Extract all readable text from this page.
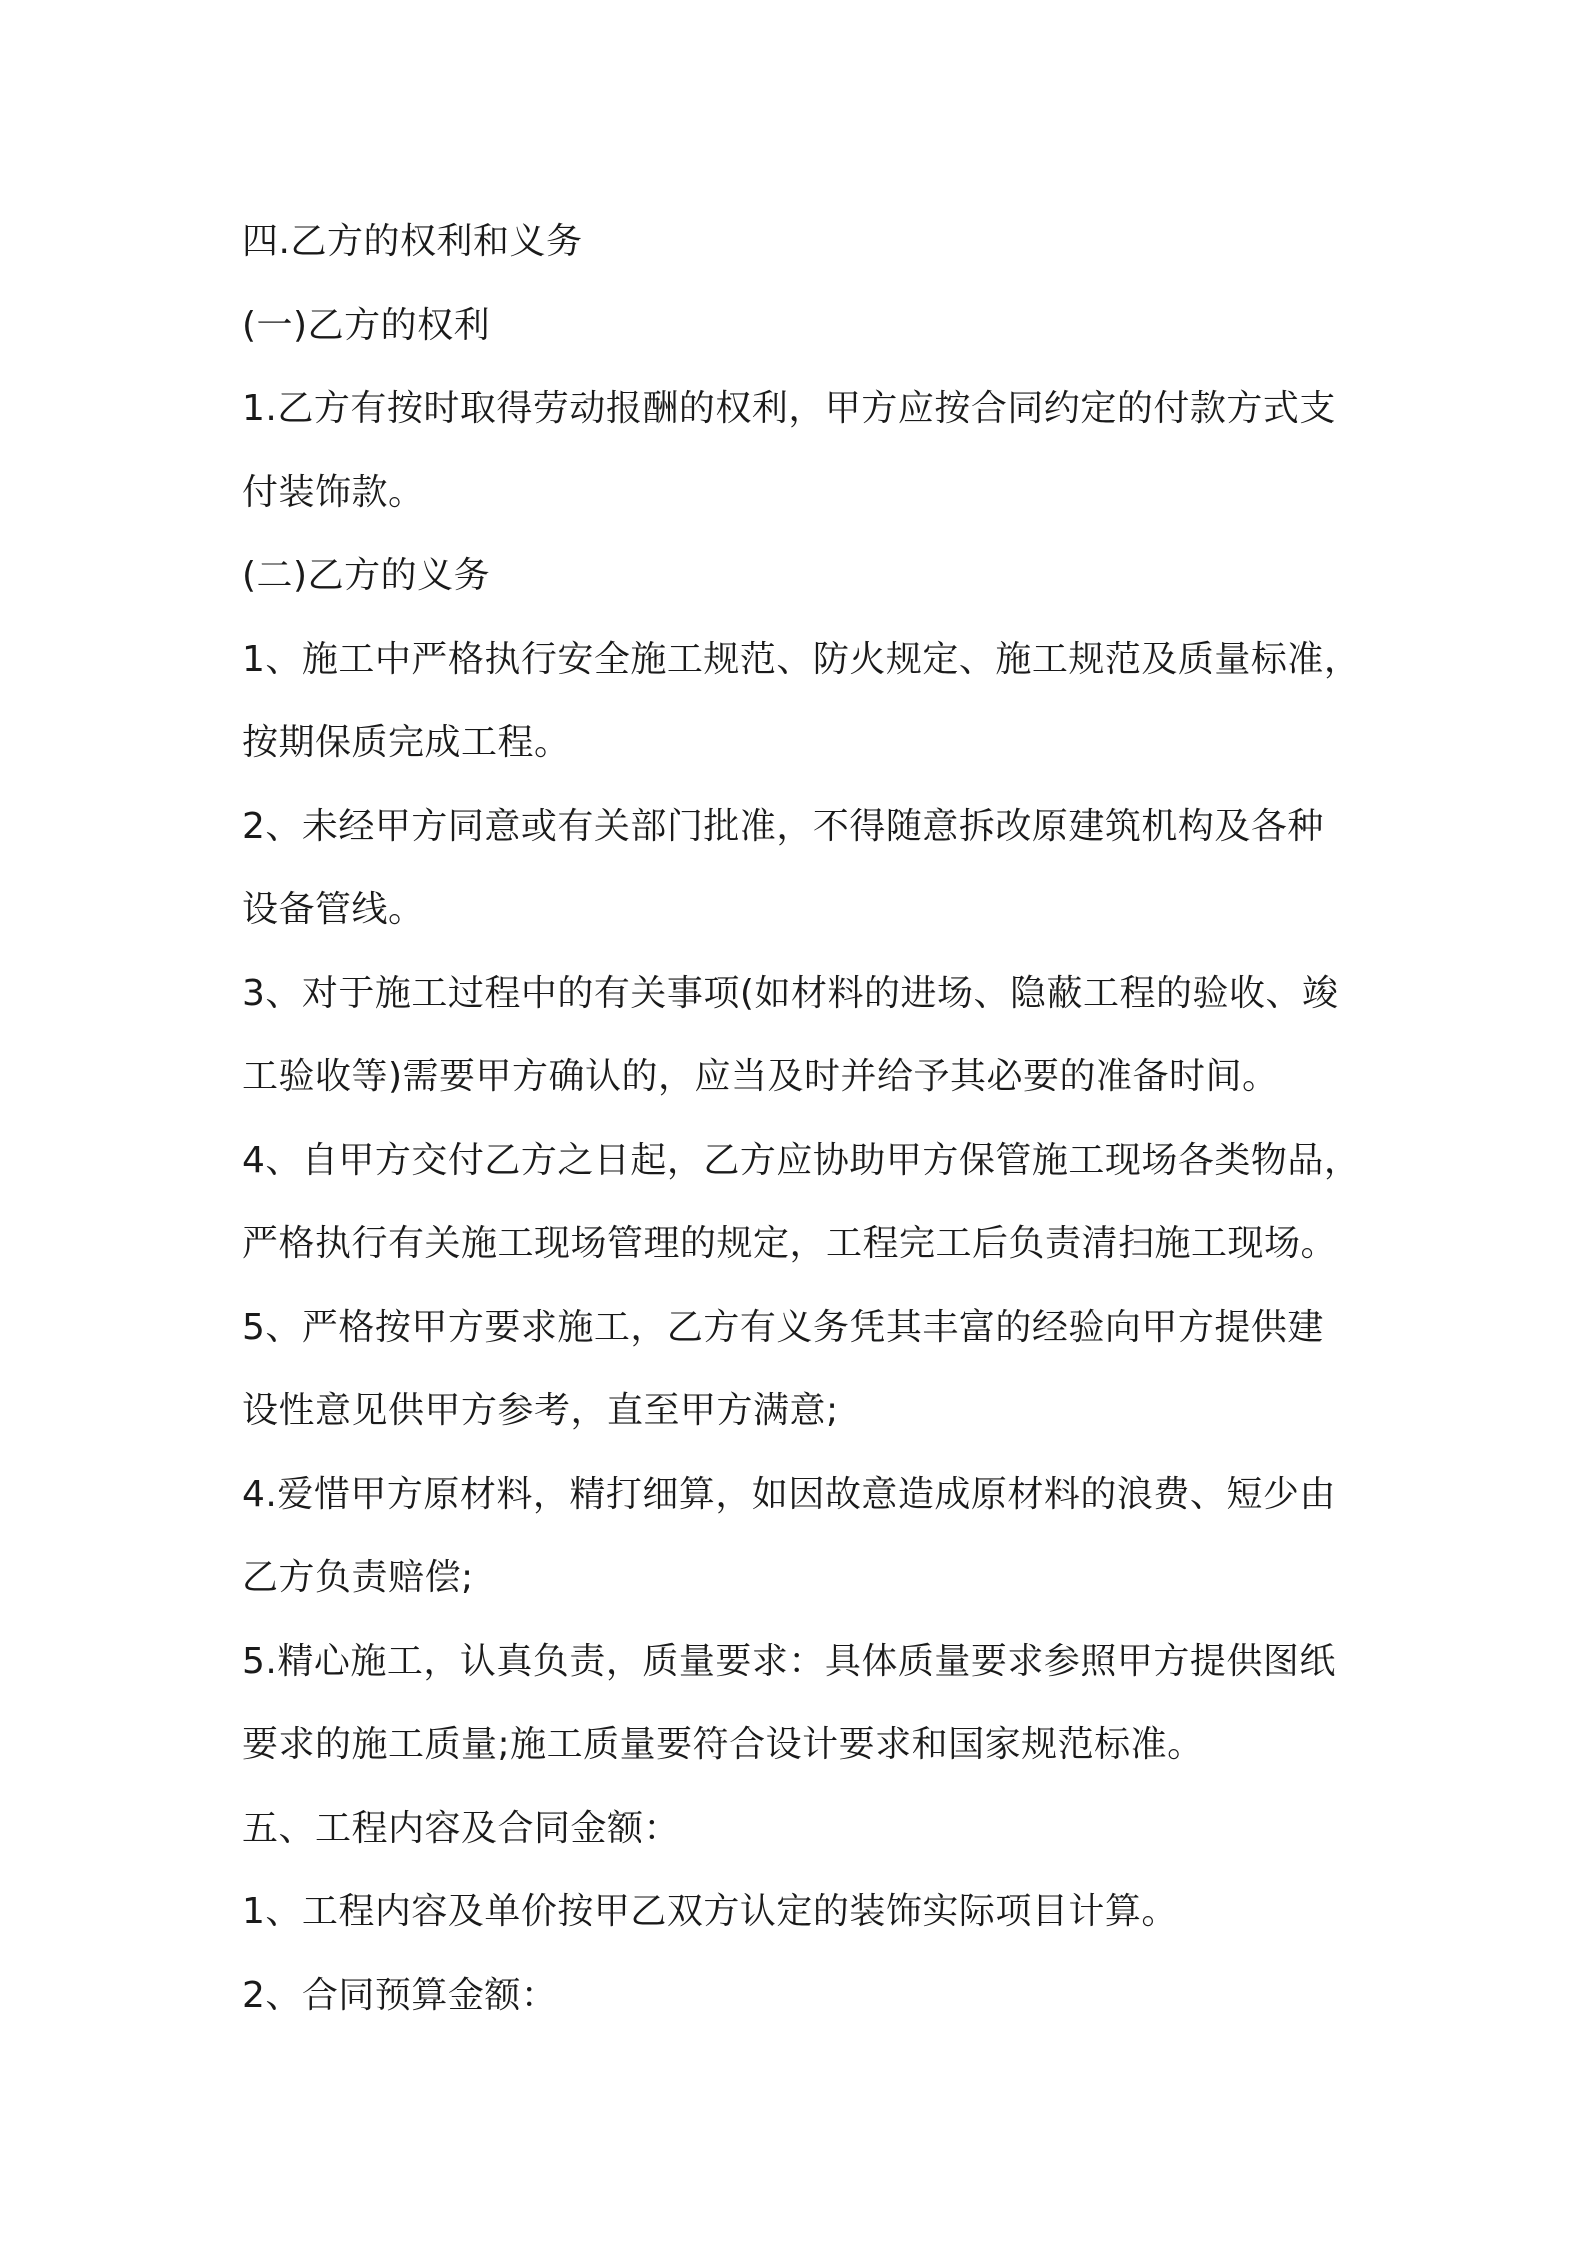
四.乙方的权利和义务
(一)乙方的权利
1.乙方有按时取得劳动报酬的权利，甲方应按合同约定的付款方式支
付装饰款。
(二)乙方的义务
1、施工中严格执行安全施工规范、防火规定、施工规范及质量标准，
按期保质完成工程。
2、未经甲方同意或有关部门批准，不得随意拆改原建筑机构及各种
设备管线。
3、对于施工过程中的有关事项(如材料的进场、隐蔽工程的验收、竣
工验收等)需要甲方确认的，应当及时并给予其必要的准备时间。
4、自甲方交付乙方之日起，乙方应协助甲方保管施工现场各类物品，
严格执行有关施工现场管理的规定，工程完工后负责清扫施工现场。
5、严格按甲方要求施工，乙方有义务凭其丰富的经验向甲方提供建
设性意见供甲方参考，直至甲方满意;
4.爱惜甲方原材料，精打细算，如因故意造成原材料的浪费、短少由
乙方负责赔偿;
5.精心施工，认真负责，质量要求：具体质量要求参照甲方提供图纸
要求的施工质量;施工质量要符合设计要求和国家规范标准。
五、工程内容及合同金额：
1、工程内容及单价按甲乙双方认定的装饰实际项目计算。
2、合同预算金额：
